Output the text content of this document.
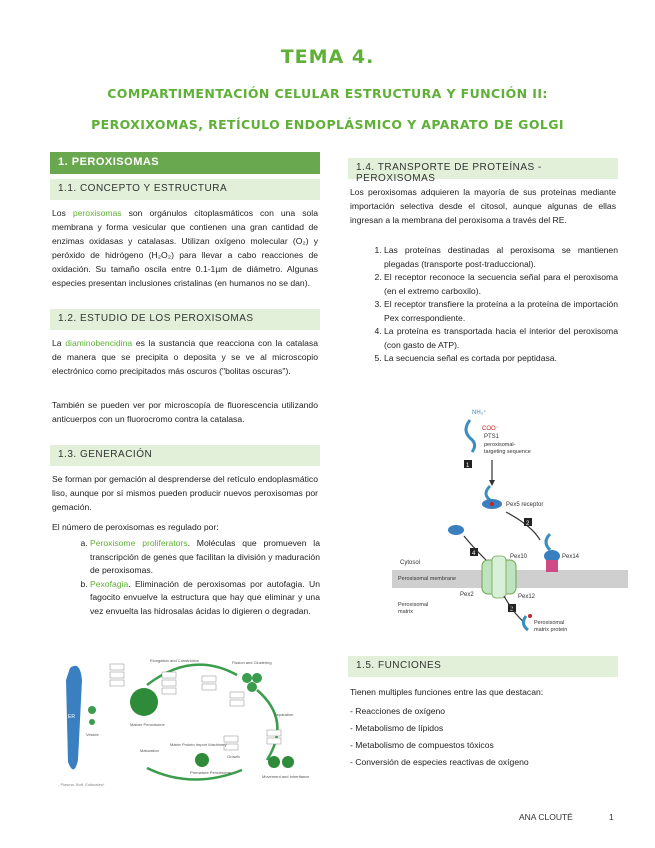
TEMA 4.
COMPARTIMENTACIÓN CELULAR ESTRUCTURA Y FUNCIÓN II:
PEROXIXOMAS, RETÍCULO ENDOPLÁSMICO Y APARATO DE GOLGI
1. PEROXISOMAS
1.1. CONCEPTO Y ESTRUCTURA

Los peroxisomas son orgánulos citoplasmáticos con una sola membrana y forma vesicular que contienen una gran cantidad de enzimas oxidasas y catalasas. Utilizan oxígeno molecular (O₂) y peróxido de hidrógeno (H₂O₂) para llevar a cabo reacciones de oxidación. Su tamaño oscila entre 0.1-1µm de diámetro. Algunas especies presentan inclusiones cristalinas (en humanos no se dan).

1.2. ESTUDIO DE LOS PEROXISOMAS

La diaminobencidina es la sustancia que reacciona con la catalasa de manera que se precipita o deposita y se ve al microscopio electrónico como precipitados más oscuros ("bolitas oscuras").

También se pueden ver por microscopía de fluorescencia utilizando anticuerpos con un fluorocromo contra la catalasa.

1.3. GENERACIÓN

Se forman por gemación al desprenderse del retículo endoplasmático liso, aunque por sí mismos pueden producir nuevos peroxisomas por gemación.

El número de peroxisomas es regulado por:

a. Peroxisome proliferators. Moléculas que promueven la transcripción de genes que facilitan la división y maduración de peroxisomas.
b. Pexofagia. Eliminación de peroxisomas por autofagia. Un fagocito envuelve la estructura que hay que eliminar y una vez envuelta las hidrosalas ácidas lo digieren o degradan.
ER
Vesicle
Mature Peroxisome
Elongation and Constriction	Fission and Clustering
Separation
Maturation
Growth
Matrix Protein Import Machinery
Premature Peroxisome
Movement and Inheritance
- Plasma. Buff. Estimates*
1.4. TRANSPORTE DE PROTEÍNAS - PEROXISOMAS

Los peroxisomas adquieren la mayoría de sus proteínas mediante importación selectiva desde el citosol, aunque algunas de ellas ingresan a la membrana del peroxisoma a través del RE.

1. Las proteínas destinadas al peroxisoma se mantienen plegadas (transporte post-traduccional).
2. El receptor reconoce la secuencia señal para el peroxisoma (en el extremo carboxilo).
3. El receptor transfiere la proteína a la proteína de importación Pex correspondiente.
4. La proteína es transportada hacia el interior del peroxisoma (con gasto de ATP).
5. La secuencia señal es cortada por peptidasa.
NH₃⁺
COO⁻
PTS1
peroxisomal-
targeting sequence
1
Pex5 receptor
2
Cytosol
Peroxisomal membrane
Pex10
Pex2	Pex12
Pex14
4
Peroxisomal
matrix	3
Peroxisomal
matrix protein
1.5. FUNCIONES

Tienen multiples funciones entre las que destacan:

- Reacciones de oxígeno
- Metabolismo de lípidos
- Metabolismo de compuestos tóxicos
- Conversión de especies reactivas de oxígeno
ANA CLOUTÉ	1
